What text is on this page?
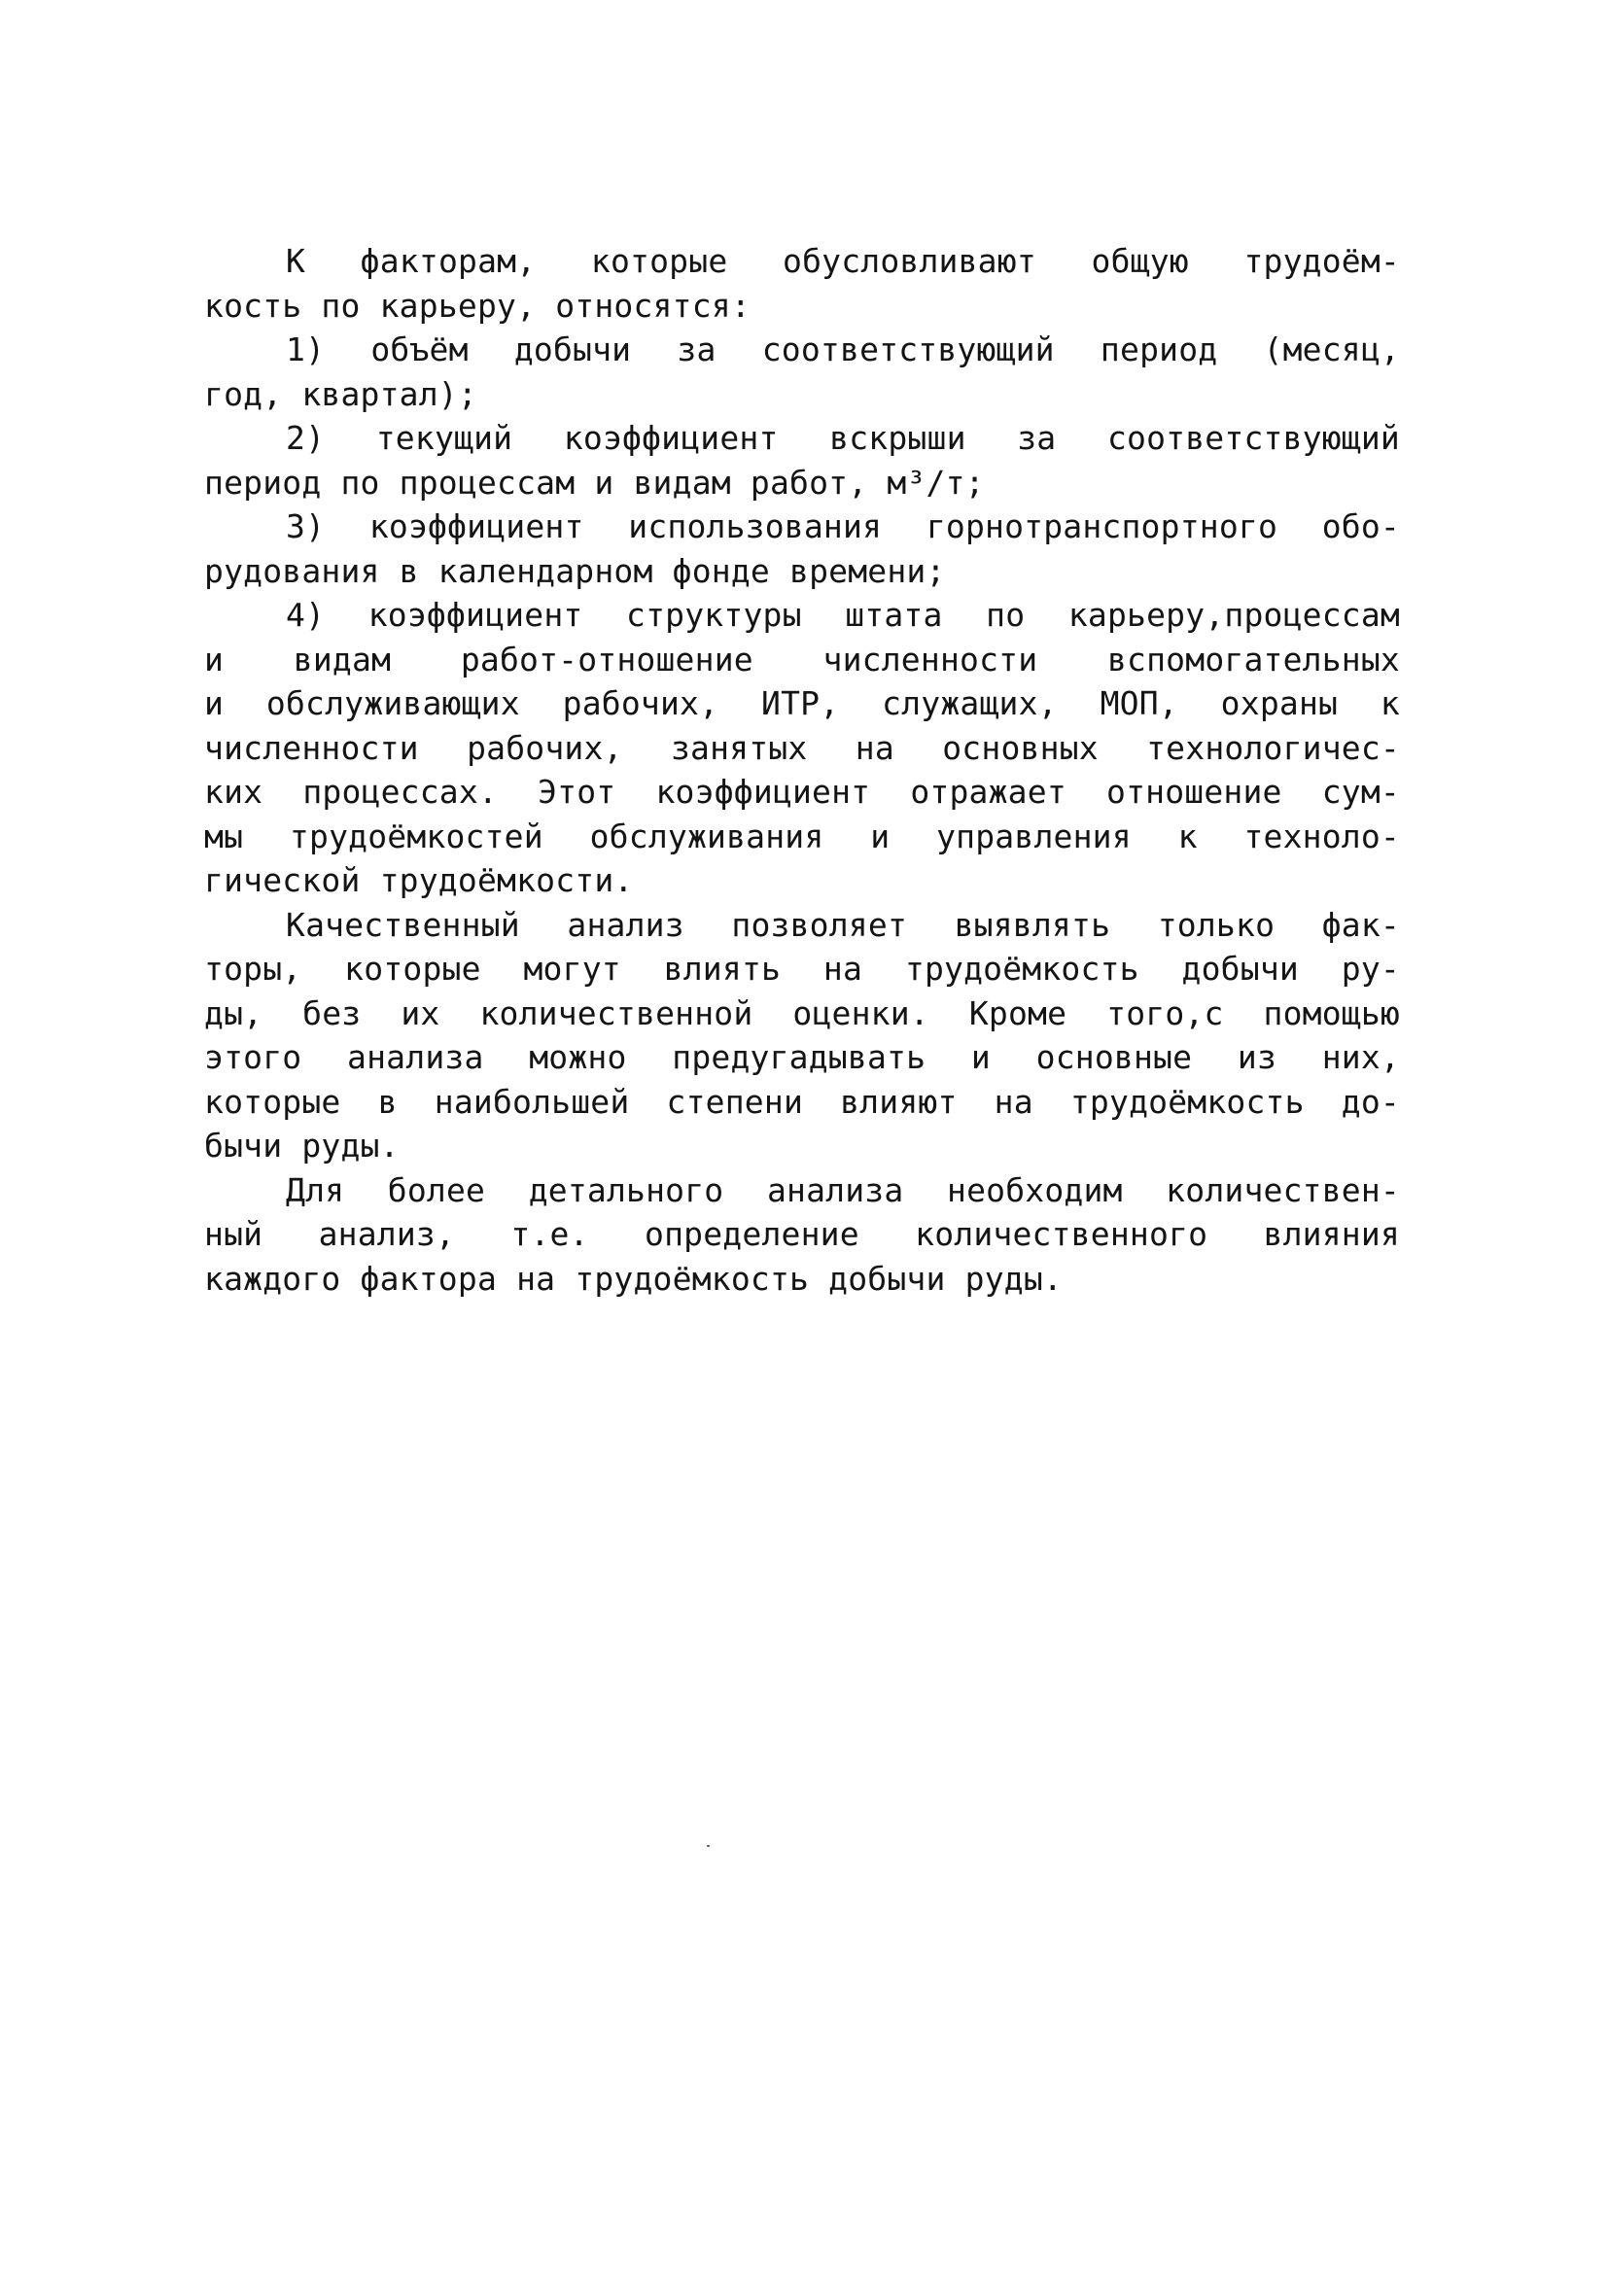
К факторам, которые обусловливают общую трудоём-
кость по карьеру, относятся:
1) объём добычи за соответствующий период (месяц,
год, квартал);
2) текущий коэффициент вскрыши за соответствующий
период по процессам и видам работ, м³/т;
3) коэффициент использования горнотранспортного обо-
рудования в календарном фонде времени;
4) коэффициент структуры штата по карьеру,процессам
и видам работ-отношение численности вспомогательных
и обслуживающих рабочих, ИТР, служащих, МОП, охраны к
численности рабочих, занятых на основных технологичес-
ких процессах. Этот коэффициент отражает отношение сум-
мы трудоёмкостей обслуживания и управления к техноло-
гической трудоёмкости.
Качественный анализ позволяет выявлять только фак-
торы, которые могут влиять на трудоёмкость добычи ру-
ды, без их количественной оценки. Кроме того,с помощью
этого анализа можно предугадывать и основные из них,
которые в наибольшей степени влияют на трудоёмкость до-
бычи руды.
Для более детального анализа необходим количествен-
ный анализ, т.е. определение количественного влияния
каждого фактора на трудоёмкость добычи руды.
